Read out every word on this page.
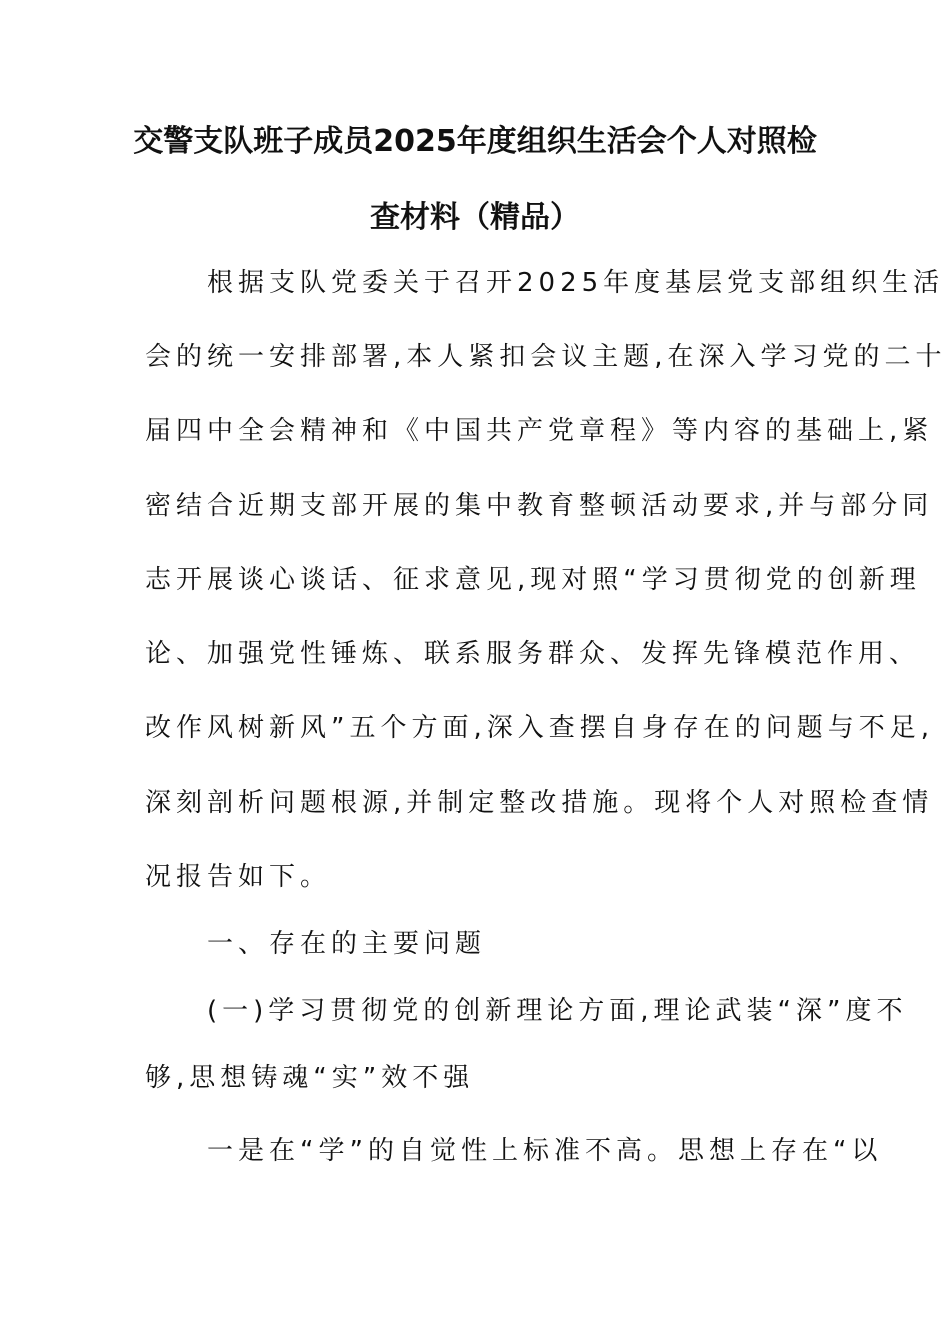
交警支队班子成员2025年度组织生活会个人对照检
查材料（精品）
　　根据支队党委关于召开2025年度基层党支部组织生活
会的统一安排部署,本人紧扣会议主题,在深入学习党的二十
届四中全会精神和《中国共产党章程》等内容的基础上,紧
密结合近期支部开展的集中教育整顿活动要求,并与部分同
志开展谈心谈话、征求意见,现对照“学习贯彻党的创新理
论、加强党性锤炼、联系服务群众、发挥先锋模范作用、
改作风树新风”五个方面,深入查摆自身存在的问题与不足,
深刻剖析问题根源,并制定整改措施。现将个人对照检查情
况报告如下。
　　一、存在的主要问题
　　(一)学习贯彻党的创新理论方面,理论武装“深”度不
够,思想铸魂“实”效不强
　　一是在“学”的自觉性上标准不高。思想上存在“以
